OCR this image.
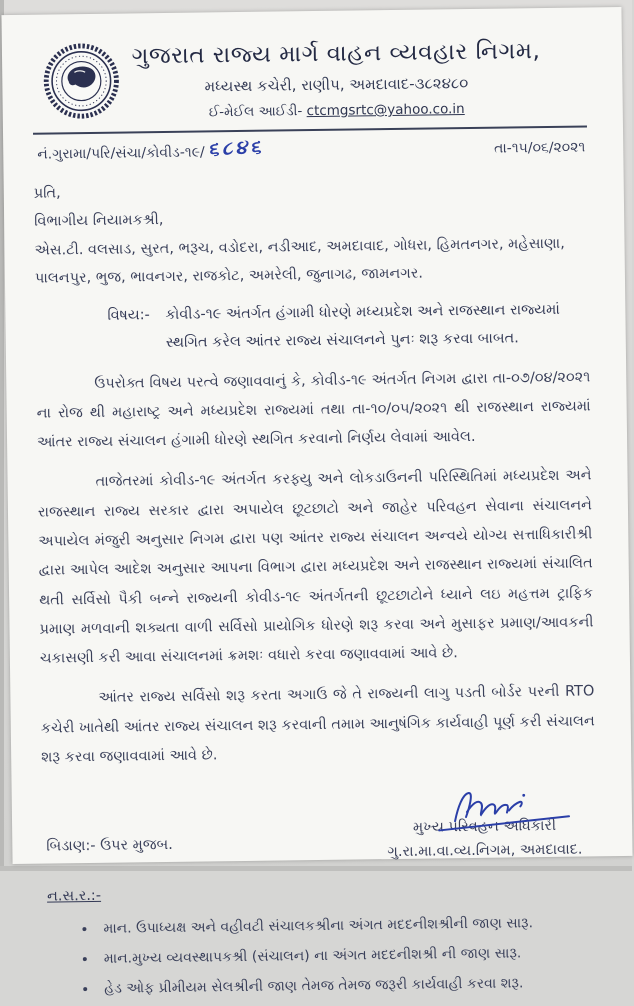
ગુજરાત રાજ્ય માર્ગ વાહન વ્યવહાર નિગમ,
મધ્યસ્થ કચેરી, રાણીપ, અમદાવાદ-૩૮૨૪૮૦
ઈ-મેઈલ આઈડી- ctcmgsrtc@yahoo.co.in
નં.ગુરામા/પરિ/સંચા/કોવીડ-૧૯/ ૬૮૪૬	તા-૧૫/૦૬/૨૦૨૧
પ્રતિ,
વિભાગીય નિયામકશ્રી,
એસ.ટી. વલસાડ, સુરત, ભરૂચ, વડોદરા, નડીઆદ, અમદાવાદ, ગોધરા, હિમતનગર, મહેસાણા, પાલનપુર, ભુજ, ભાવનગર, રાજકોટ, અમરેલી, જુનાગઢ, જામનગર.
વિષય:-	કોવીડ-૧૯ અંતર્ગત હંગામી ધોરણે મધ્યપ્રદેશ અને રાજસ્થાન રાજ્યમાં સ્થગિત કરેલ આંતર રાજ્ય સંચાલનને પુનઃ શરૂ કરવા બાબત.

ઉપરોક્ત વિષય પરત્વે જણાવવાનું કે, કોવીડ-૧૯ અંતર્ગત નિગમ દ્વારા તા-૦૭/૦૪/૨૦૨૧ ના રોજ થી મહારાષ્ટ્ર અને મધ્યપ્રદેશ રાજ્યમાં તથા તા-૧૦/૦૫/૨૦૨૧ થી રાજસ્થાન રાજ્યમાં આંતર રાજ્ય સંચાલન હંગામી ધોરણે સ્થગિત કરવાનો નિર્ણય લેવામાં આવેલ.

તાજેતરમાં કોવીડ-૧૯ અંતર્ગત કરફ્યુ અને લોકડાઉનની પરિસ્થિતિમાં મધ્યપ્રદેશ અને રાજસ્થાન રાજ્ય સરકાર દ્વારા અપાયેલ છૂટછાટો અને જાહેર પરિવહન સેવાના સંચાલનને અપાયેલ મંજુરી અનુસાર નિગમ દ્વારા પણ આંતર રાજ્ય સંચાલન અન્વયે યોગ્ય સત્તાધિકારીશ્રી દ્વારા આપેલ આદેશ અનુસાર આપના વિભાગ દ્વારા મધ્યપ્રદેશ અને રાજસ્થાન રાજ્યમાં સંચાલિત થતી સર્વિસો પૈકી બન્ને રાજ્યની કોવીડ-૧૯ અંતર્ગતની છૂટછાટોને ધ્યાને લઇ મહત્તમ ટ્રાફિક પ્રમાણ મળવાની શક્યતા વાળી સર્વિસો પ્રાયોગિક ધોરણે શરૂ કરવા અને મુસાફર પ્રમાણ/આવકની ચકાસણી કરી આવા સંચાલનમાં ક્રમશઃ વધારો કરવા જણાવવામાં આવે છે.

આંતર રાજ્ય સર્વિસો શરૂ કરતા અગાઉ જે તે રાજ્યની લાગુ પડતી બોર્ડર પરની RTO કચેરી ખાતેથી આંતર રાજ્ય સંચાલન શરૂ કરવાની તમામ આનુષંગિક કાર્યવાહી પૂર્ણ કરી સંચાલન શરૂ કરવા જણાવવામાં આવે છે.

બિડાણ:- ઉપર મુજબ.
મુખ્ય પરિવહન અધિકારી
ગુ.રા.મા.વા.વ્ય.નિગમ, અમદાવાદ.
ન.સ.ર.:-
• માન. ઉપાધ્યક્ષ અને વહીવટી સંચાલકશ્રીના અંગત મદદનીશશ્રીની જાણ સારૂ.
• માન.મુખ્ય વ્યવસ્થાપકશ્રી (સંચાલન) ના અંગત મદદનીશશ્રી ની જાણ સારૂ.
• હેડ ઓફ પ્રીમીયમ સેલશ્રીની જાણ તેમજ તેમજ જરૂરી કાર્યવાહી કરવા શરૂ.
